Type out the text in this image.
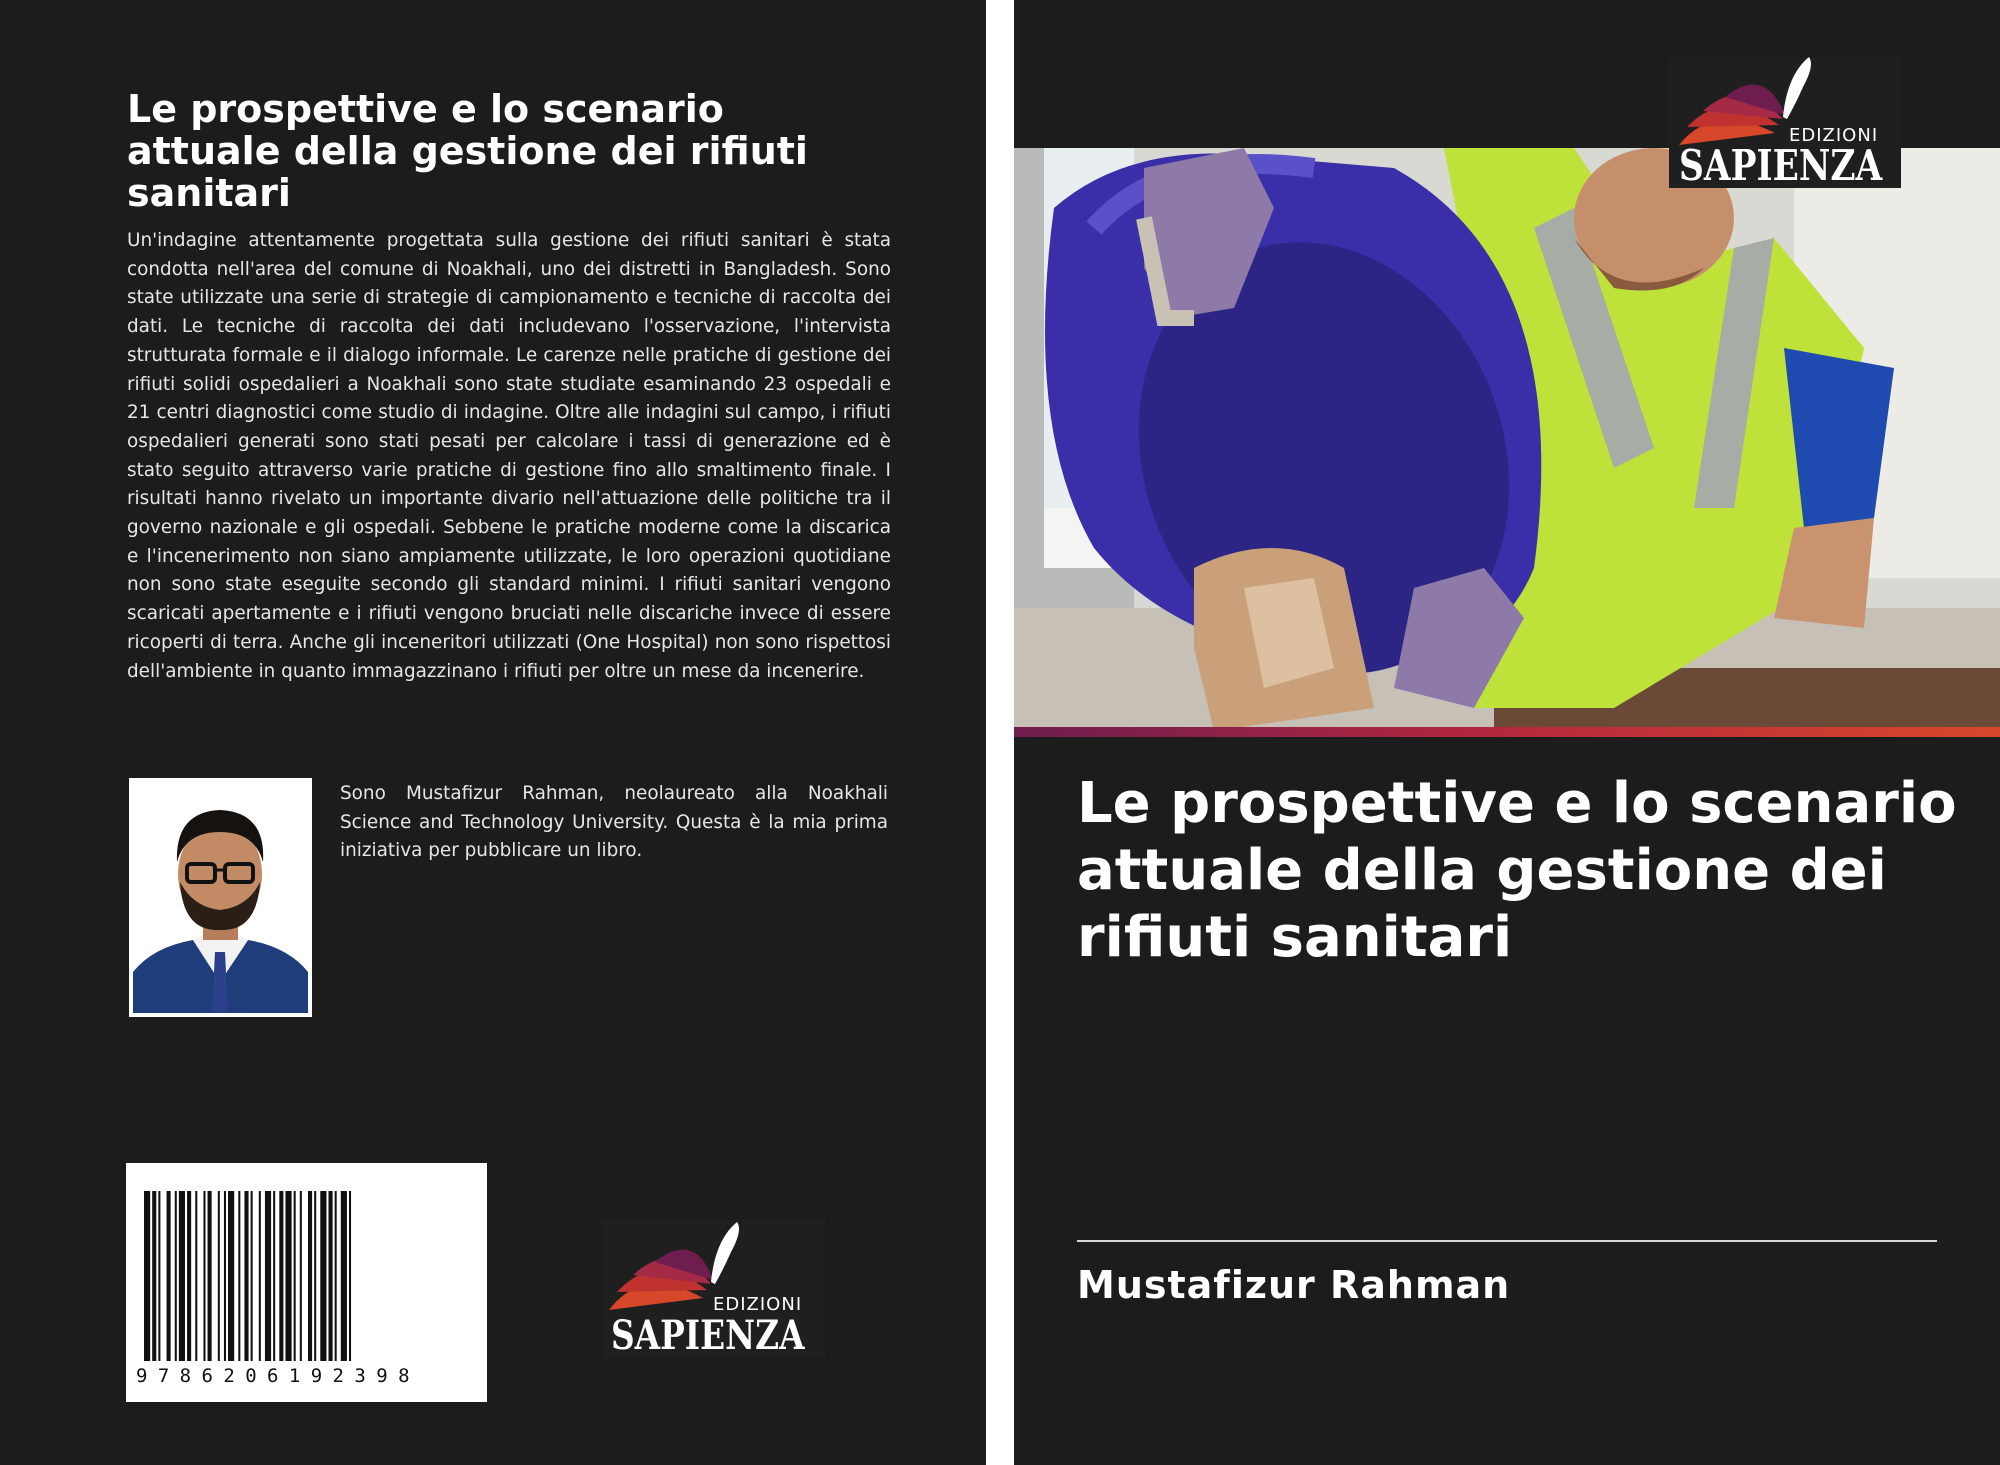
Le prospettive e lo scenario attuale della gestione dei rifiuti sanitari

Un'indagine attentamente progettata sulla gestione dei rifiuti sanitari è stata condotta nell'area del comune di Noakhali, uno dei distretti in Bangladesh. Sono state utilizzate una serie di strategie di campionamento e tecniche di raccolta dei dati. Le tecniche di raccolta dei dati includevano l'osservazione, l'intervista strutturata formale e il dialogo informale. Le carenze nelle pratiche di gestione dei rifiuti solidi ospedalieri a Noakhali sono state studiate esaminando 23 ospedali e 21 centri diagnostici come studio di indagine. Oltre alle indagini sul campo, i rifiuti ospedalieri generati sono stati pesati per calcolare i tassi di generazione ed è stato seguito attraverso varie pratiche di gestione fino allo smaltimento finale. I risultati hanno rivelato un importante divario nell'attuazione delle politiche tra il governo nazionale e gli ospedali. Sebbene le pratiche moderne come la discarica e l'incenerimento non siano ampiamente utilizzate, le loro operazioni quotidiane non sono state eseguite secondo gli standard minimi. I rifiuti sanitari vengono scaricati apertamente e i rifiuti vengono bruciati nelle discariche invece di essere ricoperti di terra. Anche gli inceneritori utilizzati (One Hospital) non sono rispettosi dell'ambiente in quanto immagazzinano i rifiuti per oltre un mese da incenerire.

Sono Mustafizur Rahman, neolaureato alla Noakhali Science and Technology University. Questa è la mia prima iniziativa per pubblicare un libro.

9786206192398
EDIZIONI
SAPIENZA
EDIZIONI
SAPIENZA
Le prospettive e lo scenario attuale della gestione dei rifiuti sanitari
Mustafizur Rahman
